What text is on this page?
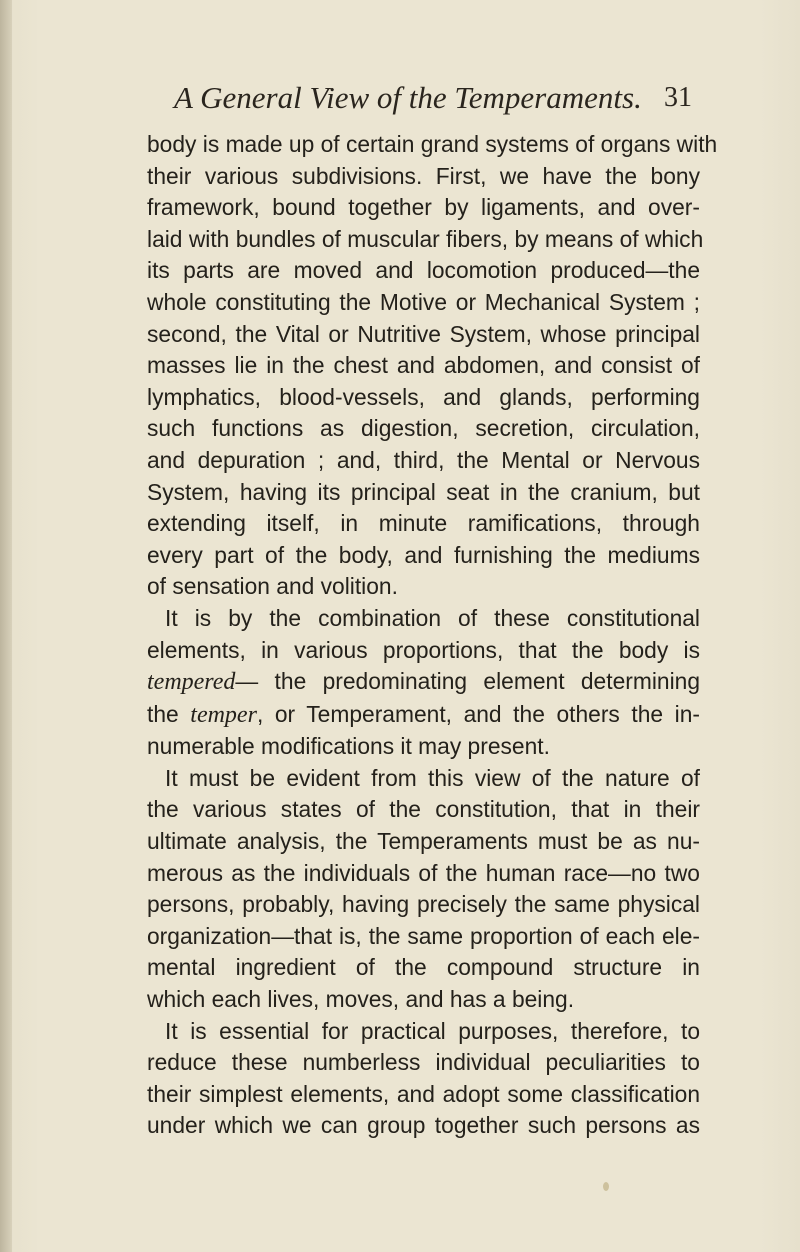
A General View of the Temperaments. 31

body is made up of certain grand systems of organs with
their various subdivisions. First, we have the bony
framework, bound together by ligaments, and over-
laid with bundles of muscular fibers, by means of which
its parts are moved and locomotion produced—the
whole constituting the Motive or Mechanical System ;
second, the Vital or Nutritive System, whose principal
masses lie in the chest and abdomen, and consist of
lymphatics, blood-vessels, and glands, performing
such functions as digestion, secretion, circulation,
and depuration ; and, third, the Mental or Nervous
System, having its principal seat in the cranium, but
extending itself, in minute ramifications, through
every part of the body, and furnishing the mediums
of sensation and volition.

It is by the combination of these constitutional
elements, in various proportions, that the body is
tempered— the predominating element determining
the temper, or Temperament, and the others the in-
numerable modifications it may present.

It must be evident from this view of the nature of
the various states of the constitution, that in their
ultimate analysis, the Temperaments must be as nu-
merous as the individuals of the human race—no two
persons, probably, having precisely the same physical
organization—that is, the same proportion of each ele-
mental ingredient of the compound structure in
which each lives, moves, and has a being.

It is essential for practical purposes, therefore, to
reduce these numberless individual peculiarities to
their simplest elements, and adopt some classification
under which we can group together such persons as
